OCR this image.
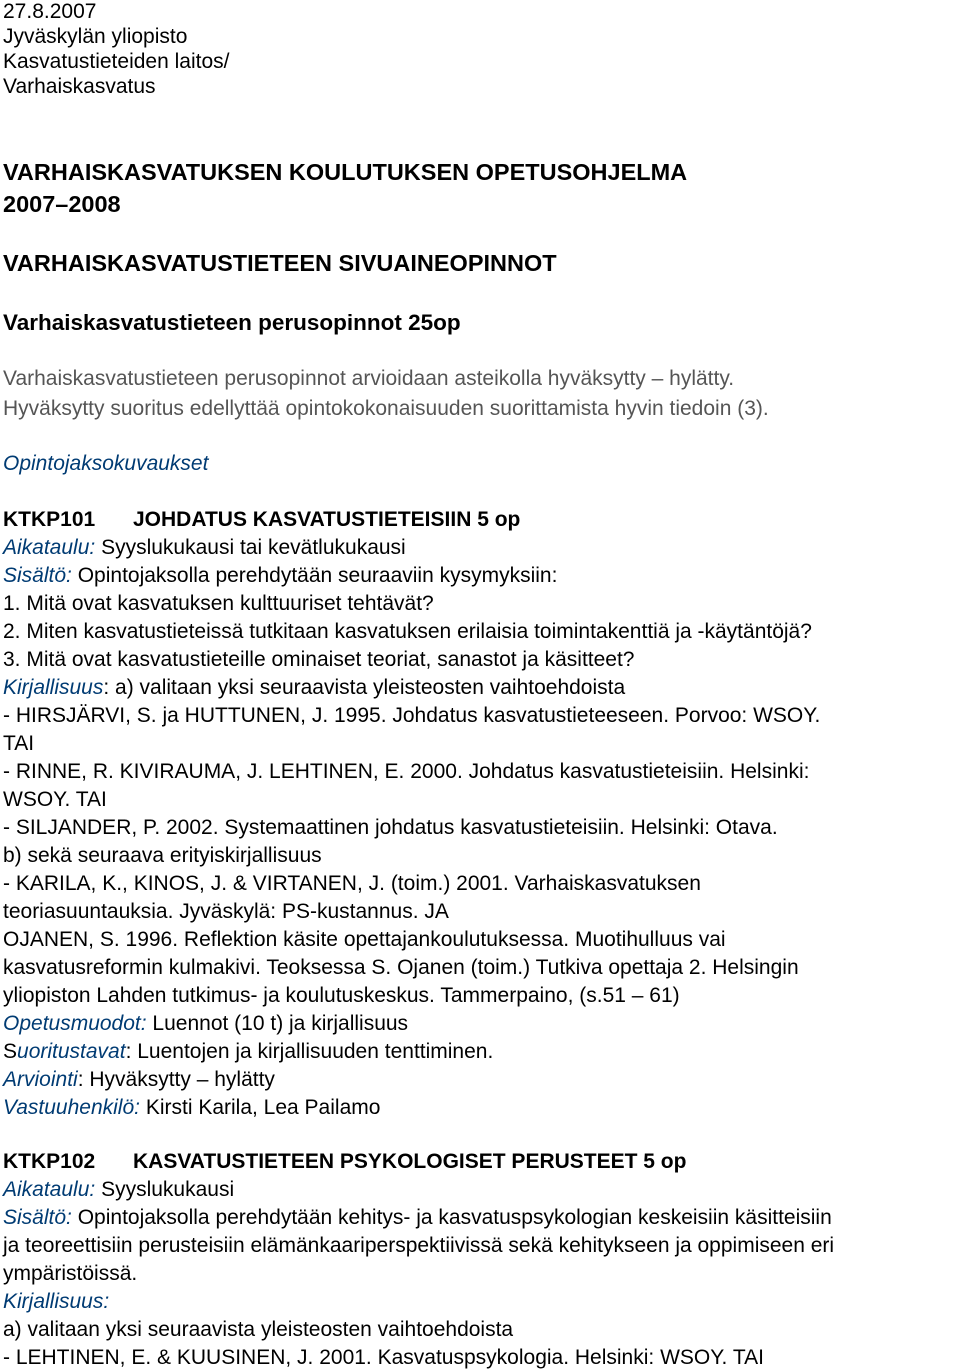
27.8.2007
Jyväskylän yliopisto
Kasvatustieteiden laitos/
Varhaiskasvatus
VARHAISKASVATUKSEN KOULUTUKSEN OPETUSOHJELMA
2007–2008
VARHAISKASVATUSTIETEEN SIVUAINEOPINNOT
Varhaiskasvatustieteen perusopinnot 25op
Varhaiskasvatustieteen perusopinnot arvioidaan asteikolla hyväksytty – hylätty.
Hyväksytty suoritus edellyttää opintokokonaisuuden suorittamista hyvin tiedoin (3).
Opintojaksokuvaukset
KTKP101 JOHDATUS KASVATUSTIETEISIIN 5 op
Aikataulu: Syyslukukausi tai kevätlukukausi
Sisältö: Opintojaksolla perehdytään seuraaviin kysymyksiin:
1. Mitä ovat kasvatuksen kulttuuriset tehtävät?
2. Miten kasvatustieteissä tutkitaan kasvatuksen erilaisia toimintakenttiä ja -käytäntöjä?
3. Mitä ovat kasvatustieteille ominaiset teoriat, sanastot ja käsitteet?
Kirjallisuus: a) valitaan yksi seuraavista yleisteosten vaihtoehdoista
- HIRSJÄRVI, S. ja HUTTUNEN, J. 1995. Johdatus kasvatustieteeseen. Porvoo: WSOY.
TAI
- RINNE, R. KIVIRAUMA, J. LEHTINEN, E. 2000. Johdatus kasvatustieteisiin. Helsinki:
WSOY. TAI
- SILJANDER, P. 2002. Systemaattinen johdatus kasvatustieteisiin. Helsinki: Otava.
b) sekä seuraava erityiskirjallisuus
- KARILA, K., KINOS, J. & VIRTANEN, J. (toim.) 2001. Varhaiskasvatuksen
teoriasuuntauksia. Jyväskylä: PS-kustannus. JA
OJANEN, S. 1996. Reflektion käsite opettajankoulutuksessa. Muotihulluus vai
kasvatusreformin kulmakivi. Teoksessa S. Ojanen (toim.) Tutkiva opettaja 2. Helsingin
yliopiston Lahden tutkimus- ja koulutuskeskus. Tammerpaino, (s.51 – 61)
Opetusmuodot: Luennot (10 t) ja kirjallisuus
Suoritustavat: Luentojen ja kirjallisuuden tenttiminen.
Arviointi: Hyväksytty – hylätty
Vastuuhenkilö: Kirsti Karila, Lea Pailamo
KTKP102 KASVATUSTIETEEN PSYKOLOGISET PERUSTEET 5 op
Aikataulu: Syyslukukausi
Sisältö: Opintojaksolla perehdytään kehitys- ja kasvatuspsykologian keskeisiin käsitteisiin
ja teoreettisiin perusteisiin elämänkaariperspektiivissä sekä kehitykseen ja oppimiseen eri
ympäristöissä.
Kirjallisuus:
a) valitaan yksi seuraavista yleisteosten vaihtoehdoista
- LEHTINEN, E. & KUUSINEN, J. 2001. Kasvatuspsykologia. Helsinki: WSOY. TAI
